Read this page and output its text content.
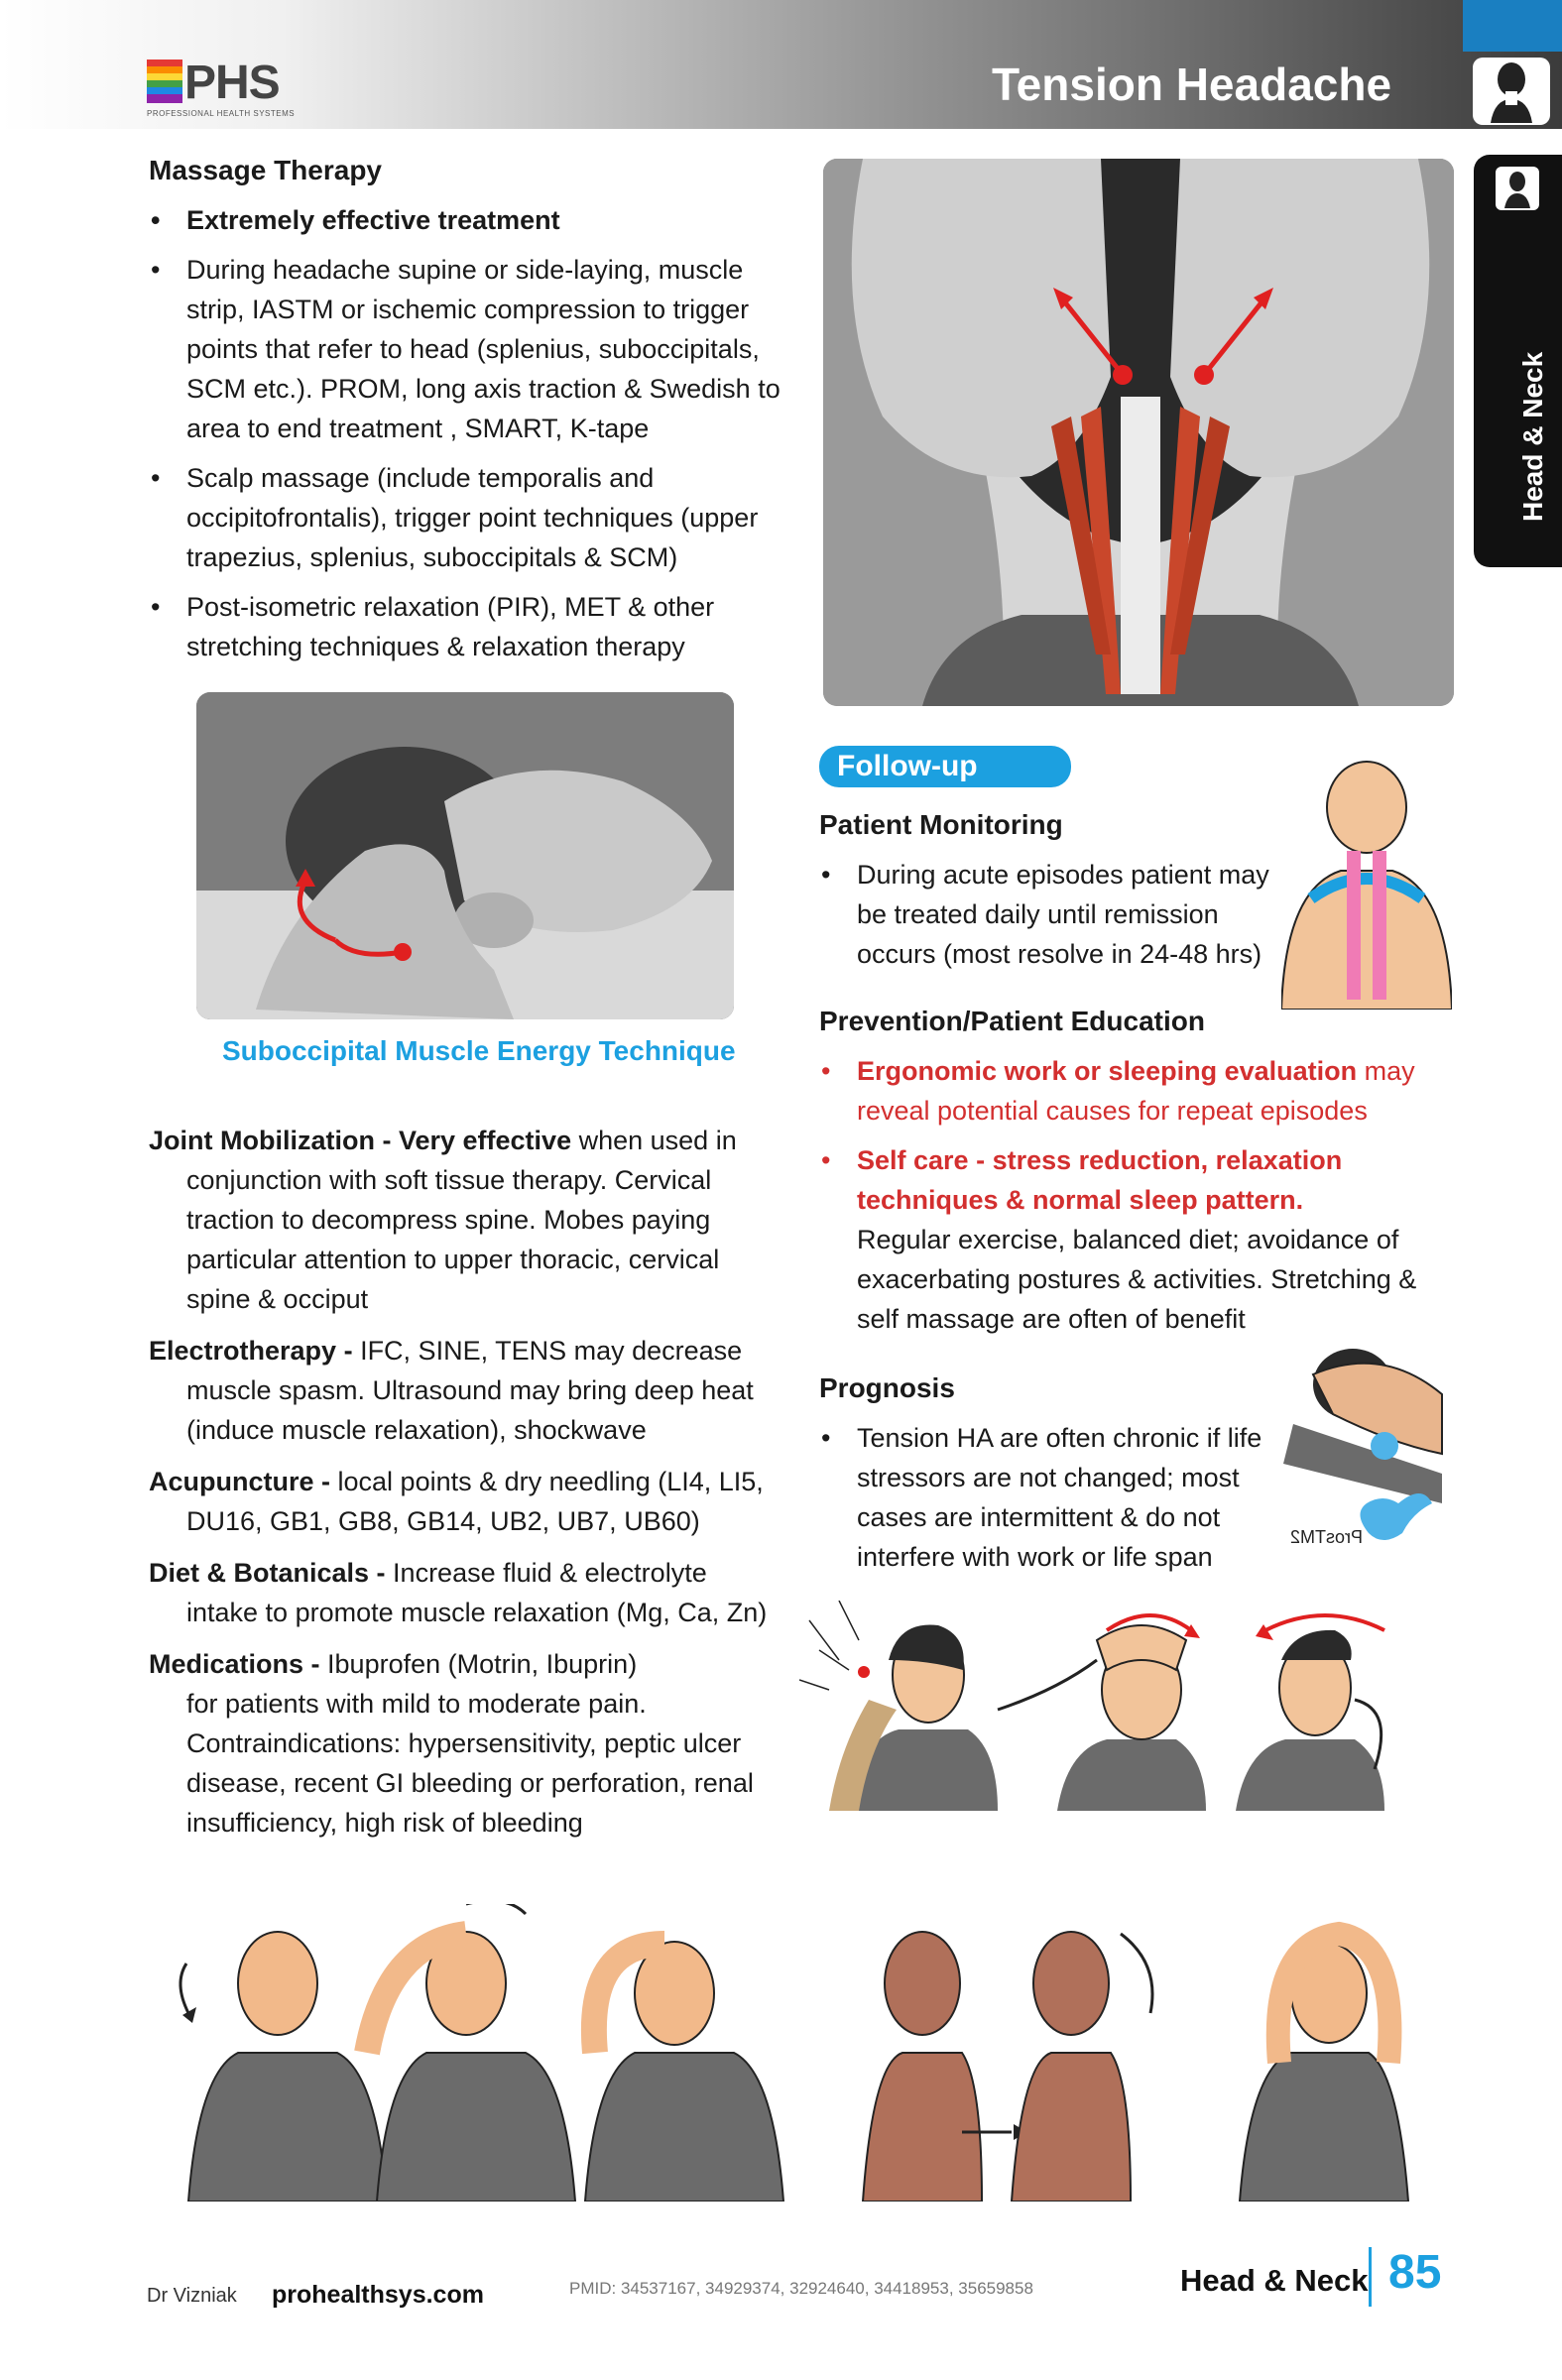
PHS
PROFESSIONAL HEALTH SYSTEMS
Tension Headache
Head & Neck
Massage Therapy
• Extremely effective treatment
• During headache supine or side-laying, muscle strip, IASTM or ischemic compression to trigger points that refer to head (splenius, suboccipitals, SCM etc.). PROM, long axis traction & Swedish to area to end treatment , SMART, K-tape
• Scalp massage (include temporalis and occipitofrontalis), trigger point techniques (upper trapezius, splenius, suboccipitals & SCM)
• Post-isometric relaxation (PIR), MET & other stretching techniques & relaxation therapy
Suboccipital Muscle Energy Technique
Joint Mobilization - Very effective when used in conjunction with soft tissue therapy. Cervical traction to decompress spine. Mobes paying particular attention to upper thoracic, cervical spine & occiput
Electrotherapy - IFC, SINE, TENS may decrease muscle spasm. Ultrasound may bring deep heat (induce muscle relaxation), shockwave
Acupuncture - local points & dry needling (LI4, LI5, DU16, GB1, GB8, GB14, UB2, UB7, UB60)
Diet & Botanicals - Increase fluid & electrolyte intake to promote muscle relaxation (Mg, Ca, Zn)
Medications - Ibuprofen (Motrin, Ibuprin)
for patients with mild to moderate pain. Contraindications: hypersensitivity, peptic ulcer disease, recent GI bleeding or perforation, renal insufficiency, high risk of bleeding
Follow-up
Patient Monitoring
• During acute episodes patient may be treated daily until remission occurs (most resolve in 24-48 hrs)
Prevention/Patient Education
• Ergonomic work or sleeping evaluation may reveal potential causes for repeat episodes
• Self care - stress reduction, relaxation techniques & normal sleep pattern.
Regular exercise, balanced diet; avoidance of exacerbating postures & activities. Stretching & self massage are often of benefit
Prognosis
• Tension HA are often chronic if life stressors are not changed; most cases are intermittent & do not interfere with work or life span
ProsTM2
Dr Vizniak prohealthsys.com	PMID: 34537167, 34929374, 32924640, 34418953, 35659858	Head & Neck 85
